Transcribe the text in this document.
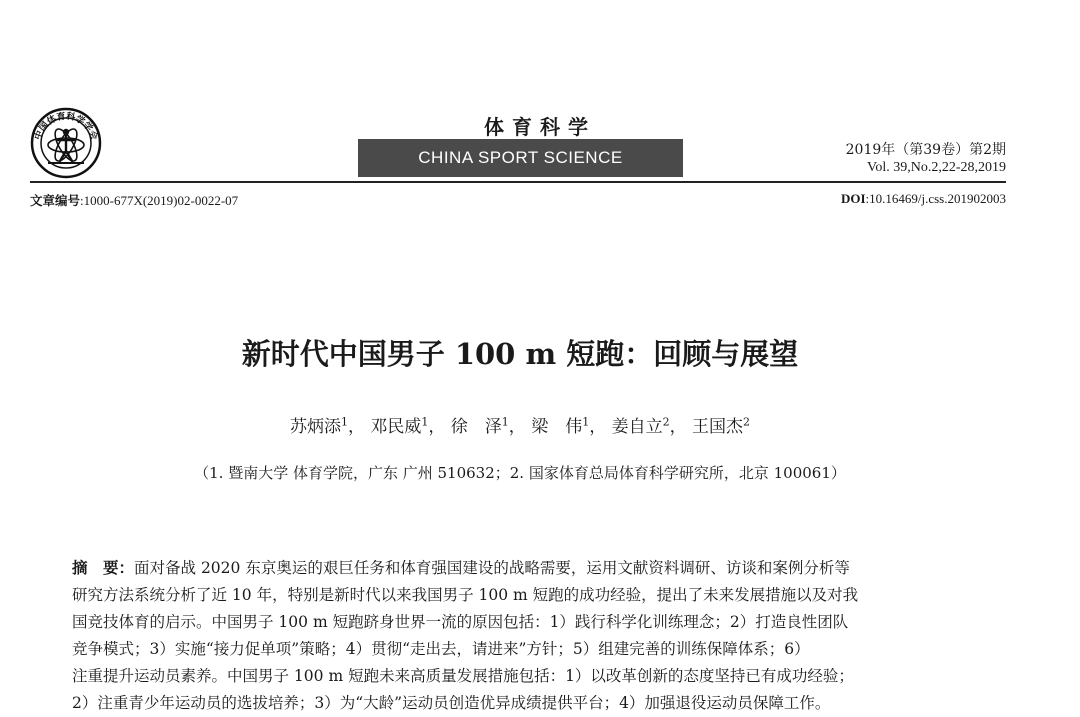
中国体育科学学会	体育科学
CHINA SPORT SCIENCE	2019年（第39卷）第2期
Vol. 39,No.2,22-28,2019
文章编号:1000-677X(2019)02-0022-07	DOI:10.16469/j.css.201902003
新时代中国男子 100 m 短跑：回顾与展望
苏炳添$^1$， 邓民威$^1$， 徐　泽$^1$， 梁　伟$^1$， 姜自立$^2$， 王国杰$^2$
（1. 暨南大学 体育学院，广东 广州 510632；2. 国家体育总局体育科学研究所，北京 100061）
摘　要：面对备战 2020 东京奥运的艰巨任务和体育强国建设的战略需要，运用文献资料调研、访谈和案例分析等
研究方法系统分析了近 10 年，特别是新时代以来我国男子 100 m 短跑的成功经验，提出了未来发展措施以及对我
国竞技体育的启示。中国男子 100 m 短跑跻身世界一流的原因包括：1）践行科学化训练理念；2）打造良性团队
竞争模式；3）实施“接力促单项”策略；4）贯彻“走出去，请进来”方针；5）组建完善的训练保障体系；6）
注重提升运动员素养。中国男子 100 m 短跑未来高质量发展措施包括：1）以改革创新的态度坚持已有成功经验；
2）注重青少年运动员的选拔培养；3）为“大龄”运动员创造优异成绩提供平台；4）加强退役运动员保障工作。
